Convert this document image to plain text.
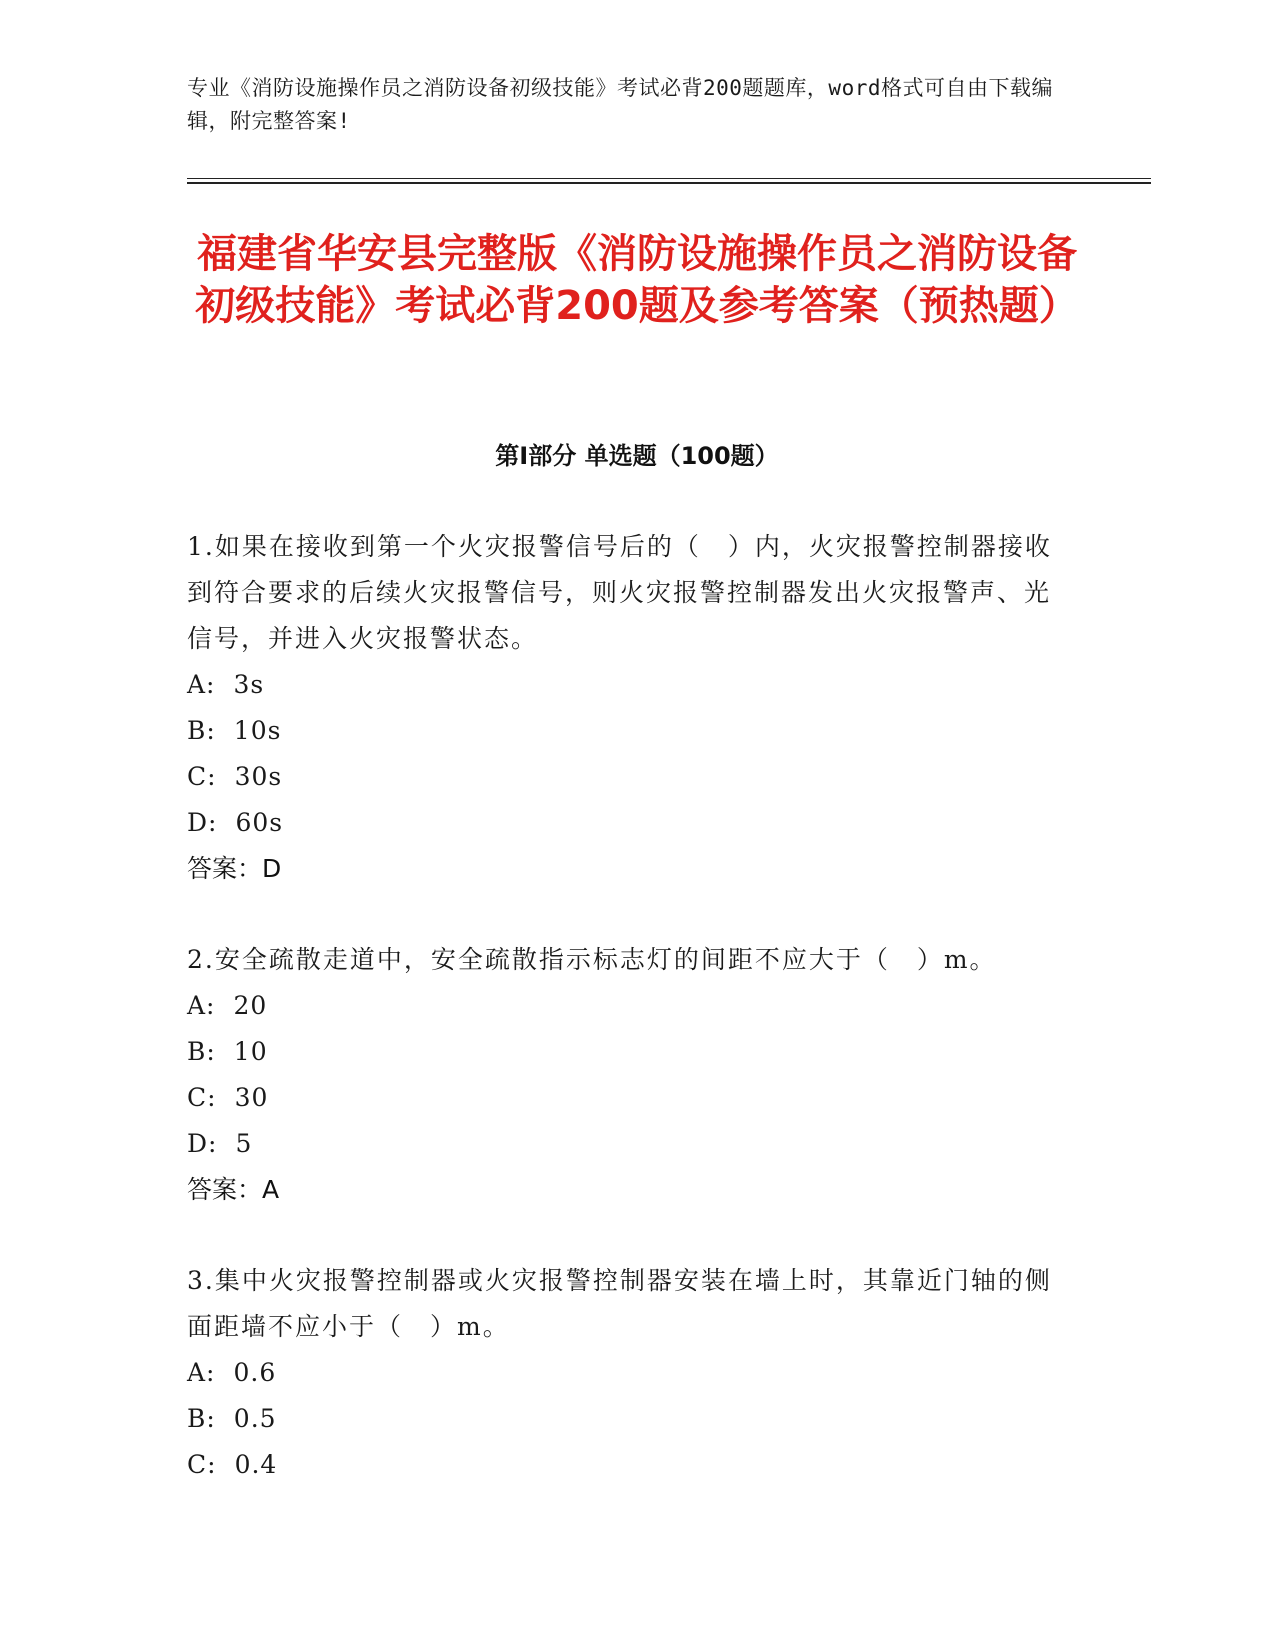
专业《消防设施操作员之消防设备初级技能》考试必背200题题库，word格式可自由下载编辑，附完整答案!
福建省华安县完整版《消防设施操作员之消防设备初级技能》考试必背200题及参考答案（预热题）
第I部分 单选题（100题）
1.如果在接收到第一个火灾报警信号后的（　）内，火灾报警控制器接收到符合要求的后续火灾报警信号，则火灾报警控制器发出火灾报警声、光信号，并进入火灾报警状态。
A: 3s
B: 10s
C: 30s
D: 60s
答案：D
2.安全疏散走道中，安全疏散指示标志灯的间距不应大于（　）m。
A: 20
B: 10
C: 30
D: 5
答案：A
3.集中火灾报警控制器或火灾报警控制器安装在墙上时，其靠近门轴的侧面距墙不应小于（　）m。
A: 0.6
B: 0.5
C: 0.4
